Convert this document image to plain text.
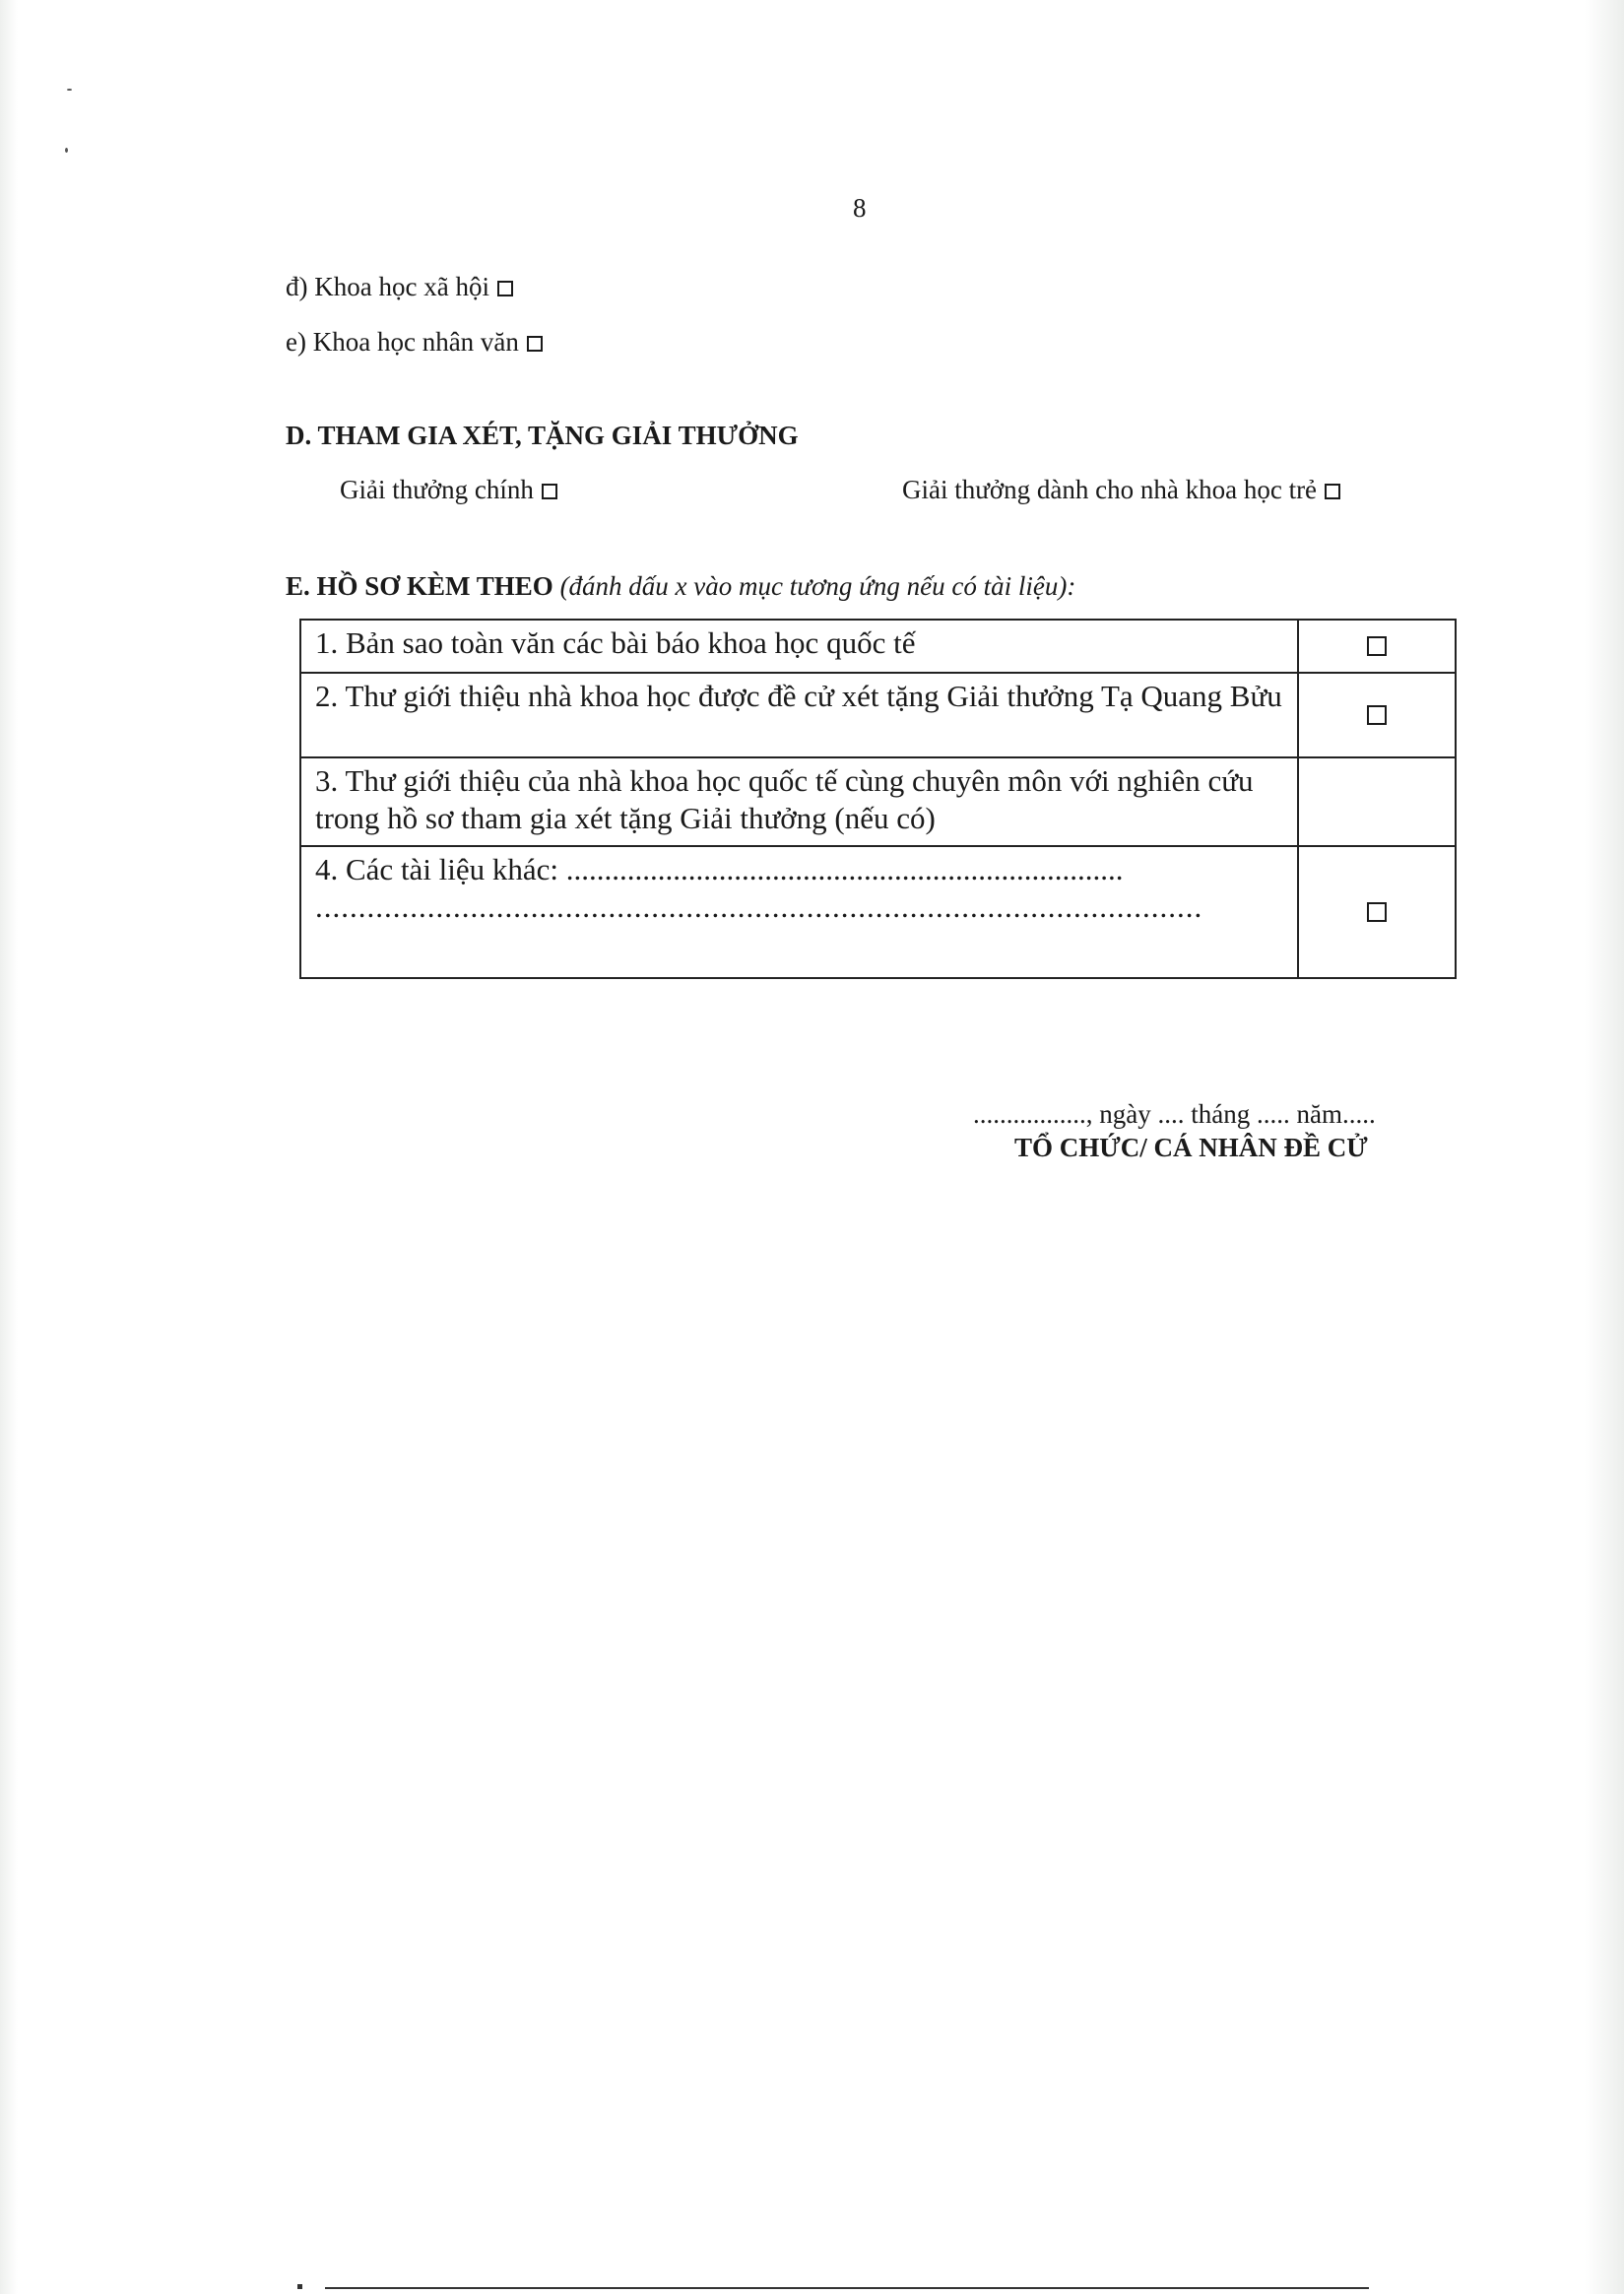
8
đ) Khoa học xã hội
e) Khoa học nhân văn
D. THAM GIA XÉT, TẶNG GIẢI THƯỞNG
Giải thưởng chính	Giải thưởng dành cho nhà khoa học trẻ
E. HỒ SƠ KÈM THEO (đánh dấu x vào mục tương ứng nếu có tài liệu):
1. Bản sao toàn văn các bài báo khoa học quốc tế	
2. Thư giới thiệu nhà khoa học được đề cử xét tặng Giải thưởng Tạ Quang Bửu	
3. Thư giới thiệu của nhà khoa học quốc tế cùng chuyên môn với nghiên cứu trong hồ sơ tham gia xét tặng Giải thưởng (nếu có)	

4. Các tài liệu khác: .........................................................................
.......................................................................................................	

................., ngày .... tháng ..... năm.....
TỔ CHỨC/ CÁ NHÂN ĐỀ CỬ
